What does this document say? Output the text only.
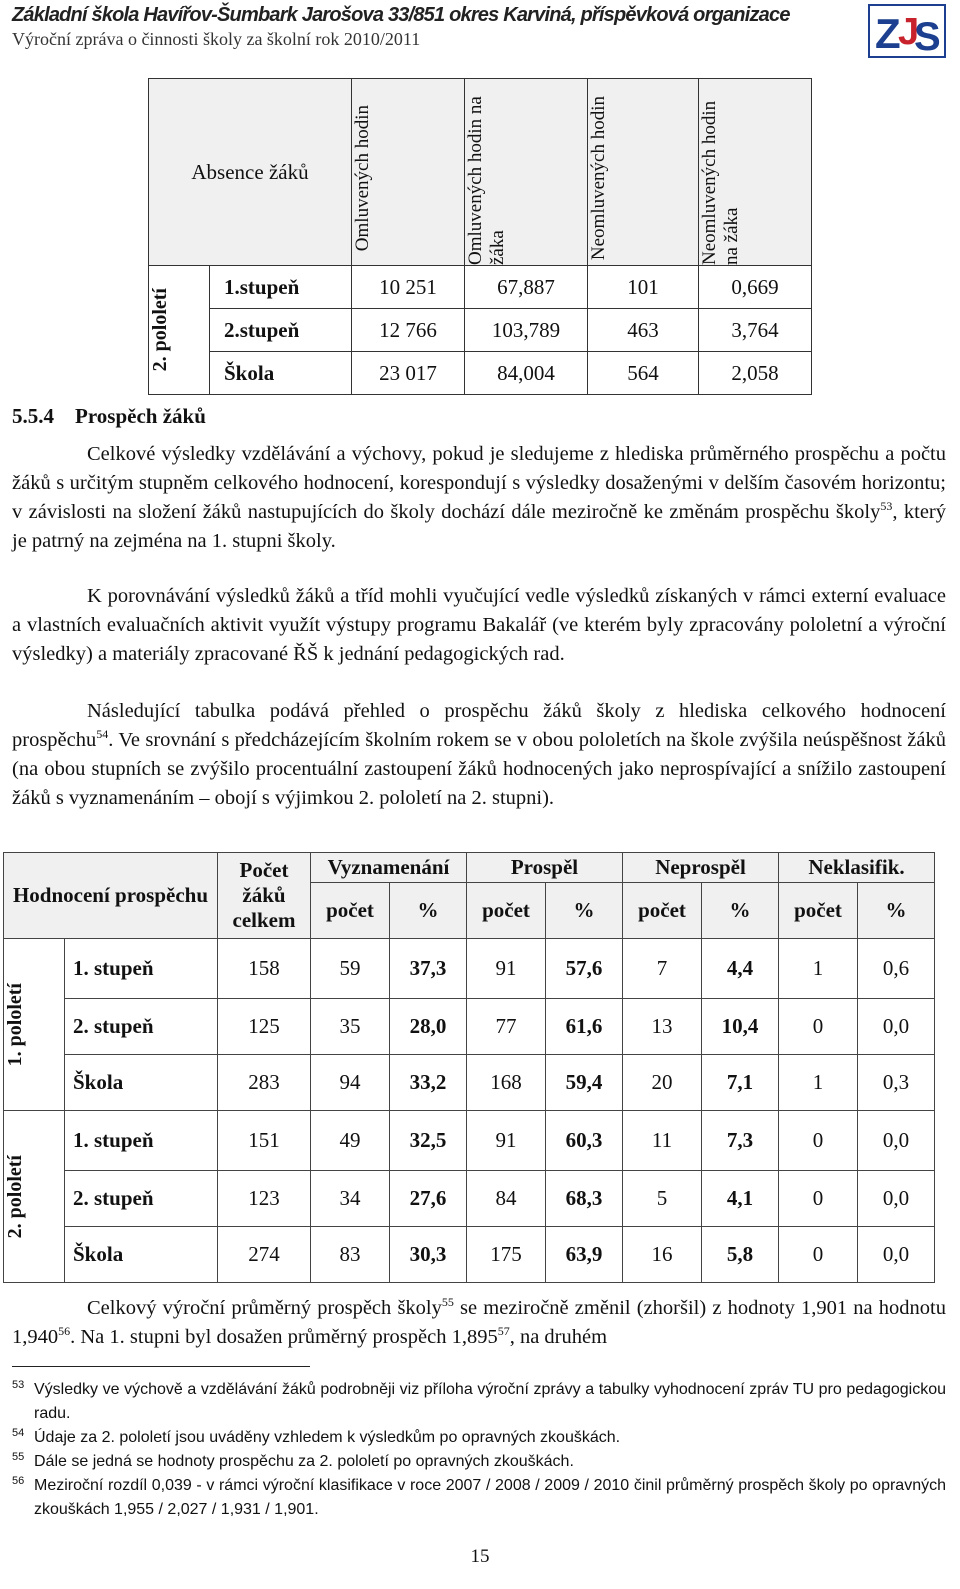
Základní škola Havířov-Šumbark Jarošova 33/851 okres Karviná, příspěvková organizace
Výroční zpráva o činnosti školy za školní rok 2010/2011	Z
J
S
Absence žáků		Omluvených hodin	Omluvených hodin na žáka	Neomluvených hodin	Neomluvených hodin na žáka

2. pololetí	1.stupeň	10 251	67,887	101	0,669
	2.stupeň	12 766	103,789	463	3,764
	Škola	23 017	84,004	564	2,058
5.5.4 Prospěch žáků
Celkové výsledky vzdělávání a výchovy, pokud je sledujeme z hlediska průměrného prospěchu a počtu žáků s určitým stupněm celkového hodnocení, korespondují s výsledky dosaženými v delším časovém horizontu; v závislosti na složení žáků nastupujících do školy dochází dále meziročně ke změnám prospěchu školy$^{53}$, který je patrný na zejména na 1. stupni školy.
K porovnávání výsledků žáků a tříd mohli vyučující vedle výsledků získaných v rámci externí evaluace a vlastních evaluačních aktivit využít výstupy programu Bakalář (ve kterém byly zpracovány pololetní a výroční výsledky) a materiály zpracované ŘŠ k jednání pedagogických rad.
Následující tabulka podává přehled o prospěchu žáků školy z hlediska celkového hodnocení prospěchu$^{54}$. Ve srovnání s předcházejícím školním rokem se v obou pololetích na škole zvýšila neúspěšnost žáků (na obou stupních se zvýšilo procentuální zastoupení žáků hodnocených jako neprospívající a snížilo zastoupení žáků s vyznamenáním – obojí s výjimkou 2. pololetí na 2. stupni).
Hodnocení prospěchu		Počet žáků celkem	Vyznamenání		Prospěl		Neprospěl		Neklasifik.	
			počet	%	počet	%	počet	%	počet	%

1. pololetí	1. stupeň	158	59	37,3	91	57,6	7	4,4	1	0,6
	2. stupeň	125	35	28,0	77	61,6	13	10,4	0	0,0
	Škola	283	94	33,2	168	59,4	20	7,1	1	0,3

2. pololetí	1. stupeň	151	49	32,5	91	60,3	11	7,3	0	0,0
	2. stupeň	123	34	27,6	84	68,3	5	4,1	0	0,0
	Škola	274	83	30,3	175	63,9	16	5,8	0	0,0
Celkový výroční průměrný prospěch školy$^{55}$ se meziročně změnil (zhoršil) z hodnoty 1,901 na hodnotu 1,940$^{56}$. Na 1. stupni byl dosažen průměrný prospěch 1,895$^{57}$, na druhém
53 Výsledky ve výchově a vzdělávání žáků podrobněji viz příloha výroční zprávy a tabulky vyhodnocení zpráv TU pro pedagogickou radu.
54 Údaje za 2. pololetí jsou uváděny vzhledem k výsledkům po opravných zkouškách.
55 Dále se jedná se hodnoty prospěchu za 2. pololetí po opravných zkouškách.
56 Meziroční rozdíl 0,039 - v rámci výroční klasifikace v roce 2007 / 2008 / 2009 / 2010 činil průměrný prospěch školy po opravných zkouškách 1,955 / 2,027 / 1,931 / 1,901.
15
